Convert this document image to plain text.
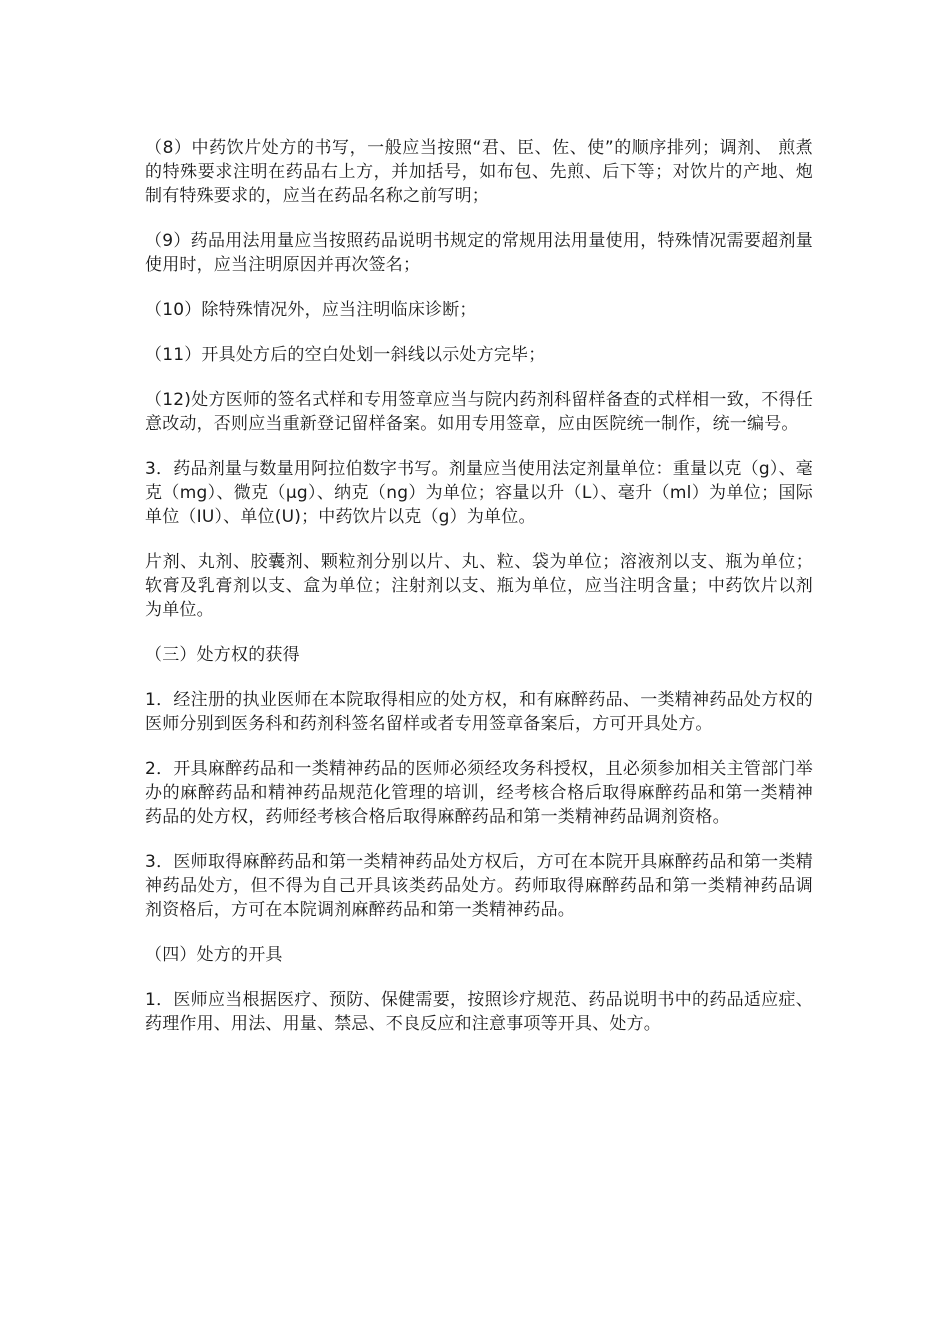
（8）中药饮片处方的书写，一般应当按照“君、臣、佐、使”的顺序排列；调剂、 煎煮的特殊要求注明在药品右上方，并加括号，如布包、先煎、后下等；对饮片的产地、炮制有特殊要求的，应当在药品名称之前写明；

（9）药品用法用量应当按照药品说明书规定的常规用法用量使用，特殊情况需要超剂量使用时，应当注明原因并再次签名；

（10）除特殊情况外，应当注明临床诊断；

（11）开具处方后的空白处划一斜线以示处方完毕；

（12)处方医师的签名式样和专用签章应当与院内药剂科留样备查的式样相一致，不得任意改动，否则应当重新登记留样备案。如用专用签章，应由医院统一制作，统一编号。

3．药品剂量与数量用阿拉伯数字书写。剂量应当使用法定剂量单位：重量以克（g）、毫克（mg）、微克（μg）、纳克（ng）为单位；容量以升（L）、毫升（ml）为单位；国际单位（IU）、单位(U)；中药饮片以克（g）为单位。

片剂、丸剂、胶囊剂、颗粒剂分别以片、丸、粒、袋为单位；溶液剂以支、瓶为单位；软膏及乳膏剂以支、盒为单位；注射剂以支、瓶为单位，应当注明含量；中药饮片以剂为单位。

（三）处方权的获得

1．经注册的执业医师在本院取得相应的处方权，和有麻醉药品、一类精神药品处方权的医师分别到医务科和药剂科签名留样或者专用签章备案后，方可开具处方。

2．开具麻醉药品和一类精神药品的医师必须经攻务科授权，且必须参加相关主管部门举办的麻醉药品和精神药品规范化管理的培训，经考核合格后取得麻醉药品和第一类精神药品的处方权，药师经考核合格后取得麻醉药品和第一类精神药品调剂资格。

3．医师取得麻醉药品和第一类精神药品处方权后，方可在本院开具麻醉药品和第一类精神药品处方，但不得为自己开具该类药品处方。药师取得麻醉药品和第一类精神药品调剂资格后，方可在本院调剂麻醉药品和第一类精神药品。

（四）处方的开具

1．医师应当根据医疗、预防、保健需要，按照诊疗规范、药品说明书中的药品适应症、药理作用、用法、用量、禁忌、不良反应和注意事项等开具、处方。
